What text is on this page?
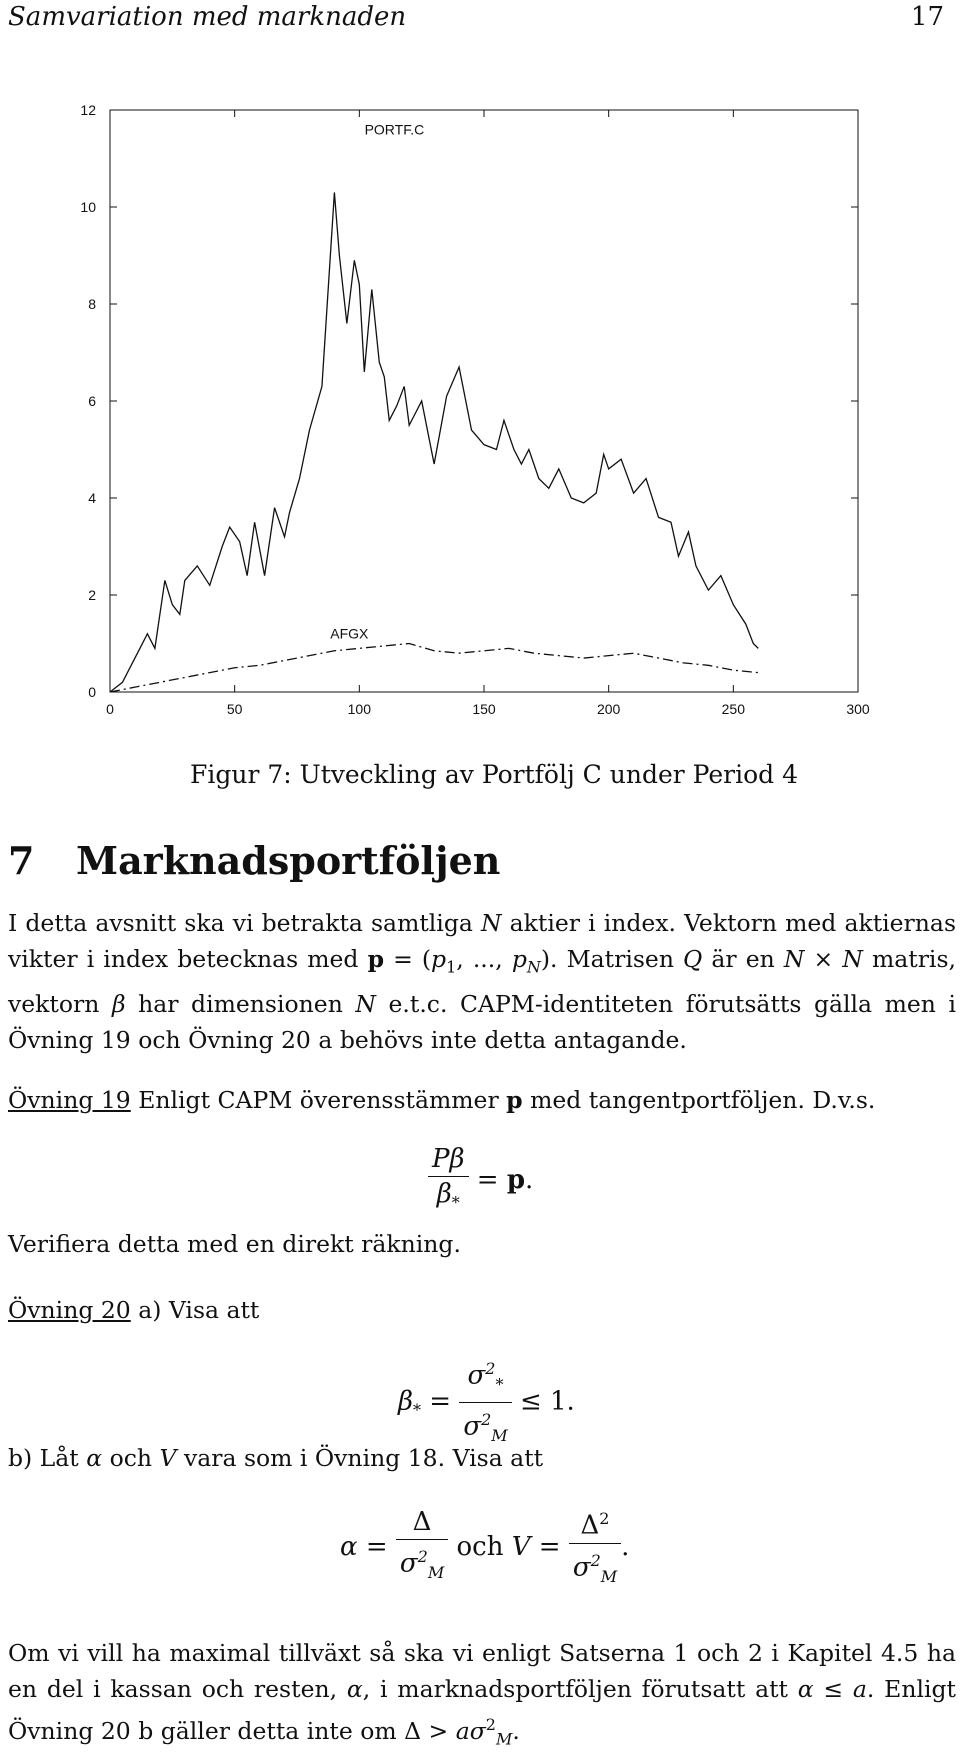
Samvariation med marknaden	17
0	50	100	150	200	250	300
0
2
4
6
8
10
12
PORTF.C
AFGX
Figur 7: Utveckling av Portfölj C under Period 4
7 Marknadsportföljen

I detta avsnitt ska vi betrakta samtliga N aktier i index. Vektorn med aktiernas vikter i index betecknas med $p = (p_1$, ..., $p_N$). Matrisen Q är en N × N matris, vektorn β har dimensionen N e.t.c. CAPM-identiteten förutsätts gälla men i Övning 19 och Övning 20 a behövs inte detta antagande.

Övning 19 Enligt CAPM överensstämmer p med tangentportföljen. D.v.s.
$\frac{P\beta}{\beta_*} = p$.
Verifiera detta med en direkt räkning.
Övning 20 a) Visa att
$\beta_* = \frac{\sigma^2_*}{\sigma^2_M} \le 1$.
b) Låt α och V vara som i Övning 18. Visa att
$\alpha = \frac{\Delta}{\sigma^2_M}$ och $V = \frac{\Delta^2}{\sigma^2_M}$ .

Om vi vill ha maximal tillväxt så ska vi enligt Satserna 1 och 2 i Kapitel 4.5 ha en del i kassan och resten, α, i marknadsportföljen förutsatt att α ≤ a. Enligt Övning 20 b gäller detta inte om $\Delta > a\sigma^2_M$.
